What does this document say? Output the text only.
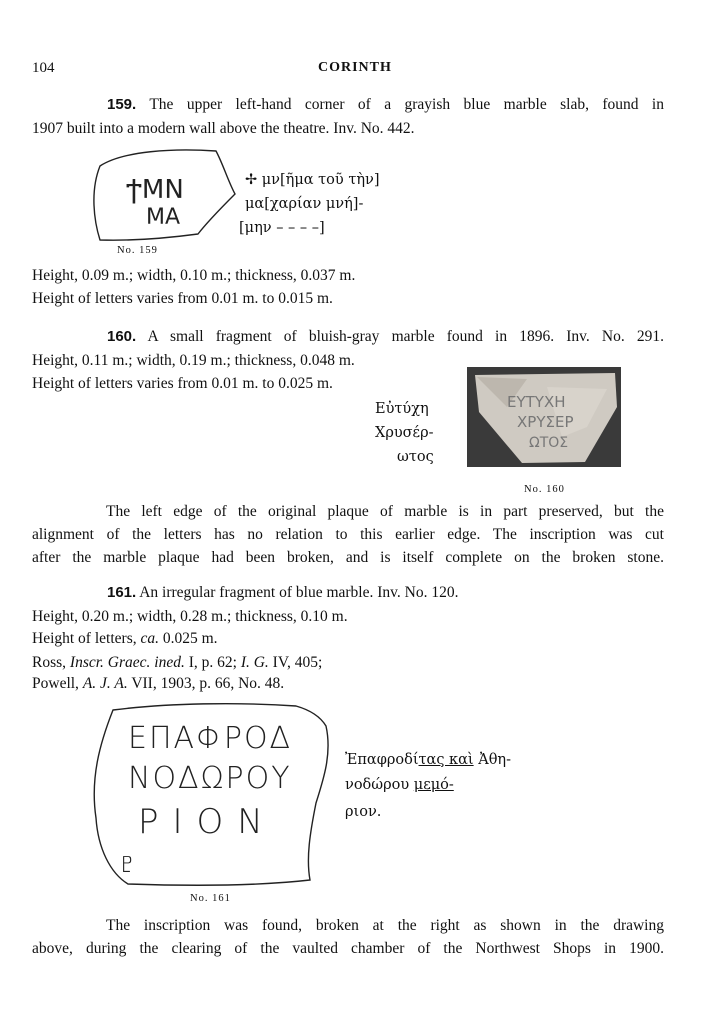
104	CORINTH
159. The upper left-hand corner of a grayish blue marble slab, found in
1907 built into a modern wall above the theatre. Inv. No. 442.
ϮΜΝ
ΜΑ
No. 159
✢ μν[ῆμα τοῦ τὴν]
μα[χαρίαν μνή]-
[μην – – – –]
Height, 0.09 m.; width, 0.10 m.; thickness, 0.037 m.
Height of letters varies from 0.01 m. to 0.015 m.
160. A small fragment of bluish-gray marble found in 1896. Inv. No. 291.
Height, 0.11 m.; width, 0.19 m.; thickness, 0.048 m.
Height of letters varies from 0.01 m. to 0.025 m.
Εὐτύχη
Χρυσέρ-
ωτος
ΕΥΤΥΧΗ
ΧΡΥΣΕΡ
ΩΤΟΣ
No. 160
The left edge of the original plaque of marble is in part preserved, but the
alignment of the letters has no relation to this earlier edge. The inscription was cut
after the marble plaque had been broken, and is itself complete on the broken stone.
161. An irregular fragment of blue marble. Inv. No. 120.
Height, 0.20 m.; width, 0.28 m.; thickness, 0.10 m.
Height of letters, ca. 0.025 m.
Ross, Inscr. Graec. ined. I, p. 62; I. G. IV, 405;
Powell, A. J. A. VII, 1903, p. 66, No. 48.
ΕΠΑΦΡΟΔ
ΝΟΔΩΡΟΥ
ΡΙΟΝ
♇
No. 161
Ἐπαφροδίτας καὶ Ἀθη-
νοδώρου μεμό-
ριον.
The inscription was found, broken at the right as shown in the drawing
above, during the clearing of the vaulted chamber of the Northwest Shops in 1900.
